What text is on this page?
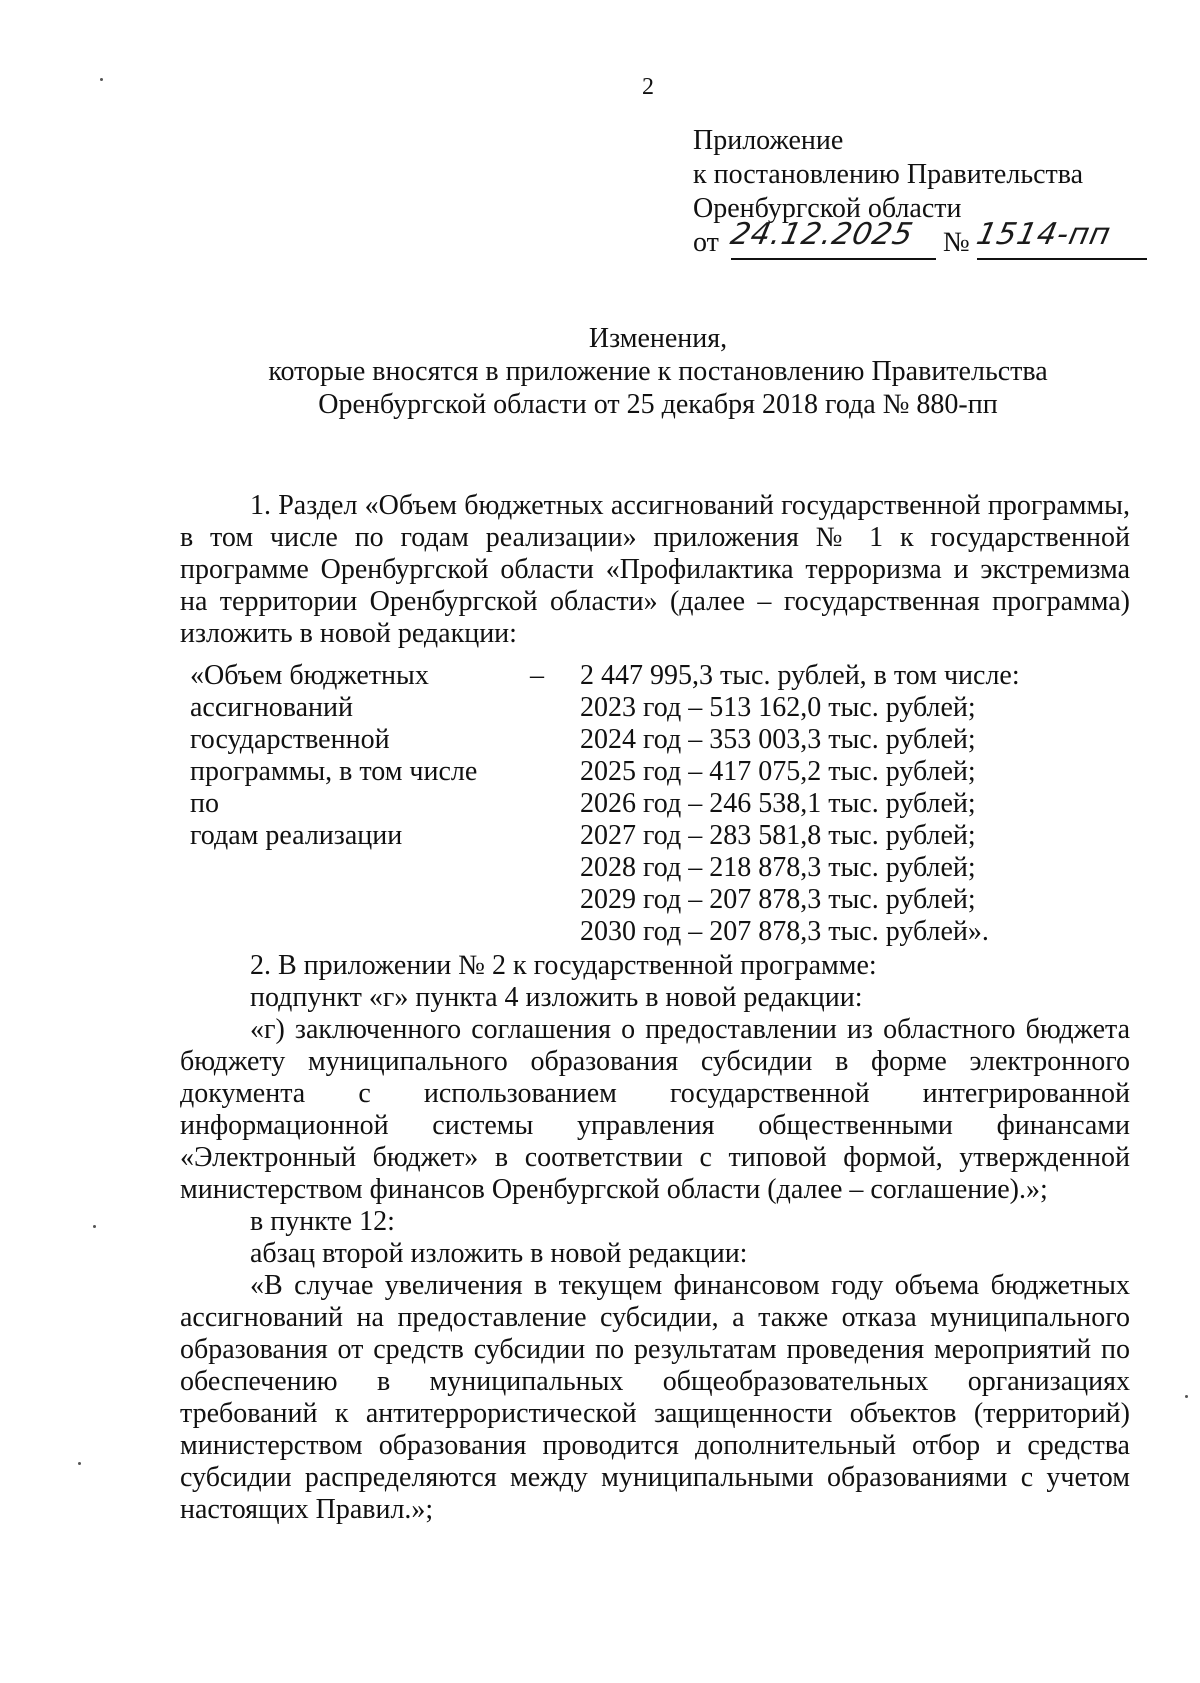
2
Приложение
к постановлению Правительства
Оренбургской области
от 24.12.2025 № 1514-пп
Изменения,
которые вносятся в приложение к постановлению Правительства
Оренбургской области от 25 декабря 2018 года № 880-пп

1. Раздел «Объем бюджетных ассигнований государственной программы, в том числе по годам реализации» приложения № 1 к государственной программе Оренбургской области «Профилактика терроризма и экстремизма на территории Оренбургской области» (далее – государственная программа) изложить в новой редакции:

«Объем бюджетных
ассигнований
государственной
программы, в том числе по
годам реализации
– 2 447 995,3 тыс. рублей, в том числе:
2023 год – 513 162,0 тыс. рублей;
2024 год – 353 003,3 тыс. рублей;
2025 год – 417 075,2 тыс. рублей;
2026 год – 246 538,1 тыс. рублей;
2027 год – 283 581,8 тыс. рублей;
2028 год – 218 878,3 тыс. рублей;
2029 год – 207 878,3 тыс. рублей;
2030 год – 207 878,3 тыс. рублей».

2. В приложении № 2 к государственной программе:

подпункт «г» пункта 4 изложить в новой редакции:

«г) заключенного соглашения о предоставлении из областного бюджета бюджету муниципального образования субсидии в форме электронного документа с использованием государственной интегрированной информационной системы управления общественными финансами «Электронный бюджет» в соответствии с типовой формой, утвержденной министерством финансов Оренбургской области (далее – соглашение).»;

в пункте 12:

абзац второй изложить в новой редакции:

«В случае увеличения в текущем финансовом году объема бюджетных ассигнований на предоставление субсидии, а также отказа муниципального образования от средств субсидии по результатам проведения мероприятий по обеспечению в муниципальных общеобразовательных организациях требований к антитеррористической защищенности объектов (территорий) министерством образования проводится дополнительный отбор и средства субсидии распределяются между муниципальными образованиями с учетом настоящих Правил.»;
